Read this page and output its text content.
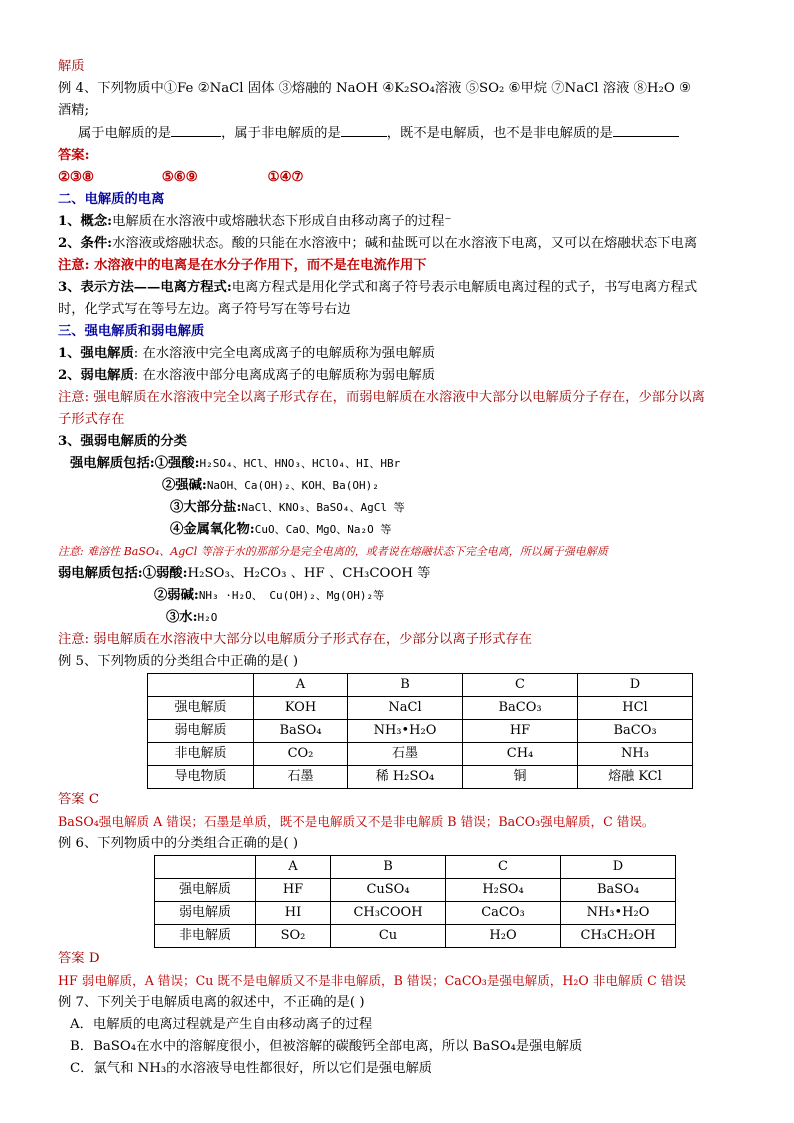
解质
例 4、下列物质中①Fe ②NaCl 固体 ③熔融的 NaOH ④K₂SO₄溶液 ⑤SO₂ ⑥甲烷 ⑦NaCl 溶液 ⑧H₂O ⑨
酒精;
属于电解质的是	，属于非电解质的是	，既不是电解质，也不是非电解质的是
答案:
②③⑧	⑤⑥⑨	①④⑦
二、电解质的电离
1、概念:电解质在水溶液中或熔融状态下形成自由移动离子的过程⁻
2、条件:水溶液或熔融状态。酸的只能在水溶液中；碱和盐既可以在水溶液下电离，又可以在熔融状态下电离
注意: 水溶液中的电离是在水分子作用下，而不是在电流作用下
3、表示方法——电离方程式:电离方程式是用化学式和离子符号表示电解质电离过程的式子，书写电离方程式
时，化学式写在等号左边。离子符号写在等号右边
三、强电解质和弱电解质
1、强电解质: 在水溶液中完全电离成离子的电解质称为强电解质
2、弱电解质: 在水溶液中部分电离成离子的电解质称为弱电解质
注意: 强电解质在水溶液中完全以离子形式存在，而弱电解质在水溶液中大部分以电解质分子存在，少部分以离
子形式存在
3、强弱电解质的分类
强电解质包括:①强酸:H₂SO₄、HCl、HNO₃、HClO₄、HI、HBr
②强碱:NaOH、Ca(OH)₂、KOH、Ba(OH)₂
③大部分盐:NaCl、KNO₃、BaSO₄、AgCl 等
④金属氧化物:CuO、CaO、MgO、Na₂O 等
注意: 难溶性 BaSO₄、AgCl 等溶于水的那部分是完全电离的，或者说在熔融状态下完全电离，所以属于强电解质
弱电解质包括:①弱酸:H₂SO₃、H₂CO₃ 、HF 、CH₃COOH 等
②弱碱:NH₃ ·H₂O、 Cu(OH)₂、Mg(OH)₂等
③水:H₂O
注意: 弱电解质在水溶液中大部分以电解质分子形式存在，少部分以离子形式存在
例 5、下列物质的分类组合中正确的是( )
	A	B	C	D
强电解质	KOH	NaCl	BaCO₃	HCl
弱电解质	BaSO₄	NH₃•H₂O	HF	BaCO₃
非电解质	CO₂	石墨	CH₄	NH₃
导电物质	石墨	稀 H₂SO₄	铜	熔融 KCl
答案 C
BaSO₄强电解质 A 错误；石墨是单质，既不是电解质又不是非电解质 B 错误；BaCO₃强电解质，C 错误。
例 6、下列物质中的分类组合正确的是( )
	A	B	C	D
强电解质	HF	CuSO₄	H₂SO₄	BaSO₄
弱电解质	HI	CH₃COOH	CaCO₃	NH₃•H₂O
非电解质	SO₂	Cu	H₂O	CH₃CH₂OH
答案 D
HF 弱电解质，A 错误；Cu 既不是电解质又不是非电解质，B 错误；CaCO₃是强电解质，H₂O 非电解质 C 错误
例 7、下列关于电解质电离的叙述中，不正确的是( )
A．电解质的电离过程就是产生自由移动离子的过程
B．BaSO₄在水中的溶解度很小，但被溶解的碳酸钙全部电离，所以 BaSO₄是强电解质
C．氯气和 NH₃的水溶液导电性都很好，所以它们是强电解质
